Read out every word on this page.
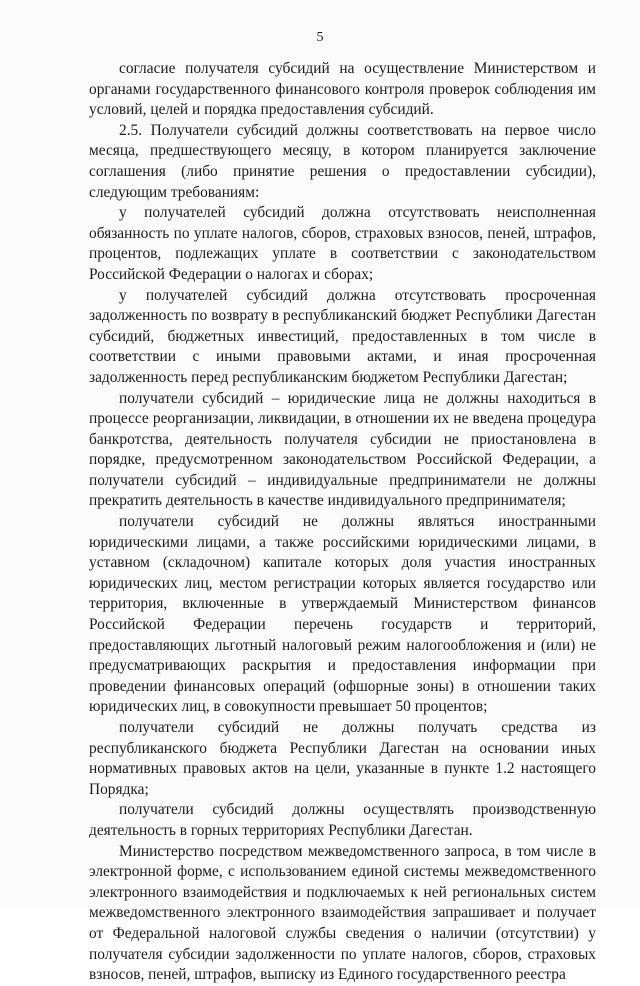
5

согласие получателя субсидий на осуществление Министерством и органами государственного финансового контроля проверок соблюдения им условий, целей и порядка предоставления субсидий.

2.5. Получатели субсидий должны соответствовать на первое число месяца, предшествующего месяцу, в котором планируется заключение соглашения (либо принятие решения о предоставлении субсидии), следующим требованиям:

у получателей субсидий должна отсутствовать неисполненная обязанность по уплате налогов, сборов, страховых взносов, пеней, штрафов, процентов, подлежащих уплате в соответствии с законодательством Российской Федерации о налогах и сборах;

у получателей субсидий должна отсутствовать просроченная задолженность по возврату в республиканский бюджет Республики Дагестан субсидий, бюджетных инвестиций, предоставленных в том числе в соответствии с иными правовыми актами, и иная просроченная задолженность перед республиканским бюджетом Республики Дагестан;

получатели субсидий – юридические лица не должны находиться в процессе реорганизации, ликвидации, в отношении их не введена процедура банкротства, деятельность получателя субсидии не приостановлена в порядке, предусмотренном законодательством Российской Федерации, а получатели субсидий – индивидуальные предприниматели не должны прекратить деятельность в качестве индивидуального предпринимателя;

получатели субсидий не должны являться иностранными юридическими лицами, а также российскими юридическими лицами, в уставном (складочном) капитале которых доля участия иностранных юридических лиц, местом регистрации которых является государство или территория, включенные в утверждаемый Министерством финансов Российской Федерации перечень государств и территорий, предоставляющих льготный налоговый режим налогообложения и (или) не предусматривающих раскрытия и предоставления информации при проведении финансовых операций (офшорные зоны) в отношении таких юридических лиц, в совокупности превышает 50 процентов;

получатели субсидий не должны получать средства из республиканского бюджета Республики Дагестан на основании иных нормативных правовых актов на цели, указанные в пункте 1.2 настоящего Порядка;

получатели субсидий должны осуществлять производственную деятельность в горных территориях Республики Дагестан.

Министерство посредством межведомственного запроса, в том числе в электронной форме, с использованием единой системы межведомственного электронного взаимодействия и подключаемых к ней региональных систем межведомственного электронного взаимодействия запрашивает и получает от Федеральной налоговой службы сведения о наличии (отсутствии) у получателя субсидии задолженности по уплате налогов, сборов, страховых взносов, пеней, штрафов, выписку из Единого государственного реестра
